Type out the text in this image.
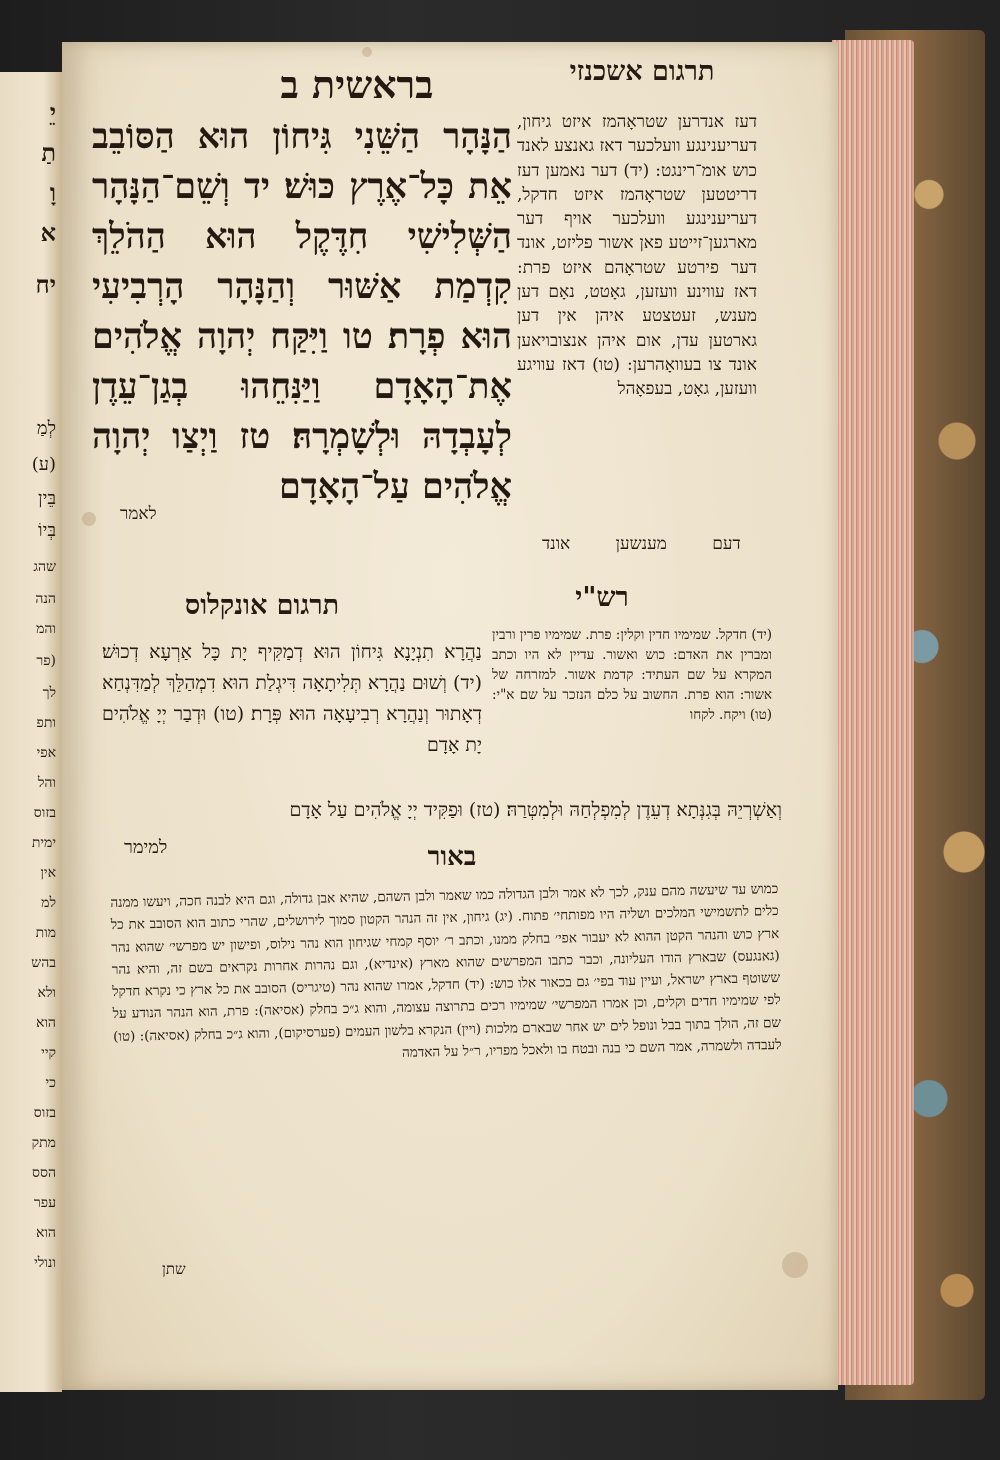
יֵ
תַ
וָ
א
יח
לְמַ
(ע)
בֵּין
בְּיוֹ
שהג
הנה
והמ
(פר
לך
ותפ
אפי
והל
בזוס
ימית
אין
למ
מות
בהש
ולא
הוא
קיי
כי
בזוס
מתק
הסס
עפר
הוא
ונולי
בראשית ב	תרגום אשכנזי
הַנָּהָר הַשֵּׁנִי גִּיחוֹן הוּא הַסּוֹבֵב אֵת כָּל־אֶרֶץ כּוּשׁ׃ יד וְשֵׁם־הַנָּהָר הַשְּׁלִישִׁי חִדֶּקֶל הוּא הַהֹלֵךְ קִדְמַת אַשּׁוּר וְהַנָּהָר הָרְבִיעִי הוּא פְרָת׃ טו וַיִּקַּח יְהוָה אֱלֹהִים אֶת־הָאָדָם וַיַּנִּחֵהוּ בְגַן־עֵדֶן לְעָבְדָהּ וּלְשָׁמְרָהּ׃ טז וַיְצַו יְהוָה אֱלֹהִים עַל־הָאָדָם
לאמר
דעז אנדרען שטראָהמז איזט גיחון, דעריענינגע וועלכער דאז גאנצע לאנד כוש אומ־רינגט: (יד) דער נאמען דעז דריטטען שטראָהמז איזט חדקל, דעריענינגע וועלכער אויף דער מארגען־זייטע פאן אשור פליזט, אונד דער פירטע שטראָהם איזט פרת: דאז עווינע וועזען, גאָטט, נאָם דען מענש, זעטצטע איהן אין דען גארטען עדן, אום איהן אנצובויאען אונד צו בעוואָהרען: (טו) דאז עוויגע וועזען, גאָט, בעפאָהל
דעם מענשען אונד
תרגום אונקלוס	רש"י
נַהֲרָא תִנְיָנָא גִּיחוֹן הוּא דְמַקִּיף יָת כָּל אַרְעָא דְכוּשׁ׃ (יד) וְשׁוּם נַהֲרָא תְּלִיתָאָה דִּיגְלַת הוּא דִמְהַלֵּךְ לְמַדִּנְחַא דְאָתוּר וְנַהֲרָא רְבִיעָאָה הוּא פְּרָת׃ (טו) וּדְבַר יְיָ אֱלֹהִים יָת אָדָם
וְאַשְׁרְיֵהּ בְּגִנְּתָא דְעֵדֶן לְמִפְלְחַהּ וּלְמִטְּרַהּ׃ (טז) וּפַקִּיד יְיָ אֱלֹהִים עַל אָדָם
למימר
(יד) חדקל. שמימיו חדין וקלין: פרת. שמימיו פרין ורבין ומברין את האדם: כוש ואשור. עדיין לא היו וכתב המקרא על שם העתיד: קדמת אשור. למזרחה של אשור: הוא פרת. החשוב על כלם הנזכר על שם א"י: (טו) ויקח. לקחו
באור
כמוש עד שיעשה מהם ענק, לכך לא אמר ולבן הגדולה כמו שאמר ולבן השהם, שהיא אבן גדולה, וגם היא לבנה חכה, ויעשו ממנה כלים לתשמישי המלכים ושליה היו מפותחי׳ פתוח. (יג) גיחון, אין זה הנהר הקטון סמוך לירושלים, שהרי כתוב הוא הסובב את כל ארץ כוש והנהר הקטן ההוא לא יעבור אפי׳ בחלק ממנו, וכתב ר׳ יוסף קמחי שגיחון הוא נהר נילוס, ופישון יש מפרשי׳ שהוא נהר (גאנגעס) שבארץ הודו העליונה, וכבר כתבו המפרשים שהוא מארץ (אינדיא), וגם נהרות אחרות נקראים בשם זה, והיא נהר ששוטף בארץ ישראל, ועיין עוד בפי׳ גם בכאור אלו כוש: (יד) חדקל, אמרו שהוא נהר (טיגריס) הסובב את כל ארץ כי נקרא חדקל לפי שמימיו חדים וקלים, וכן אמרו המפרשי׳ שמימיו רכים בתרוצה עצומה, והוא ג״כ בחלק (אסיאה): פרת, הוא הנהר הנודע על שם זה, הולך בתוך בבל ונופל לים יש אחר שבארם מלכות (ויין) הנקרא בלשון העמים (פערסיקום), והוא ג״כ בחלק (אסיאה): (טו) לעבדה ולשמרה, אמר השם כי בנה ובטח בו ולאכל מפריו, ר״ל על האדמה
שתן
